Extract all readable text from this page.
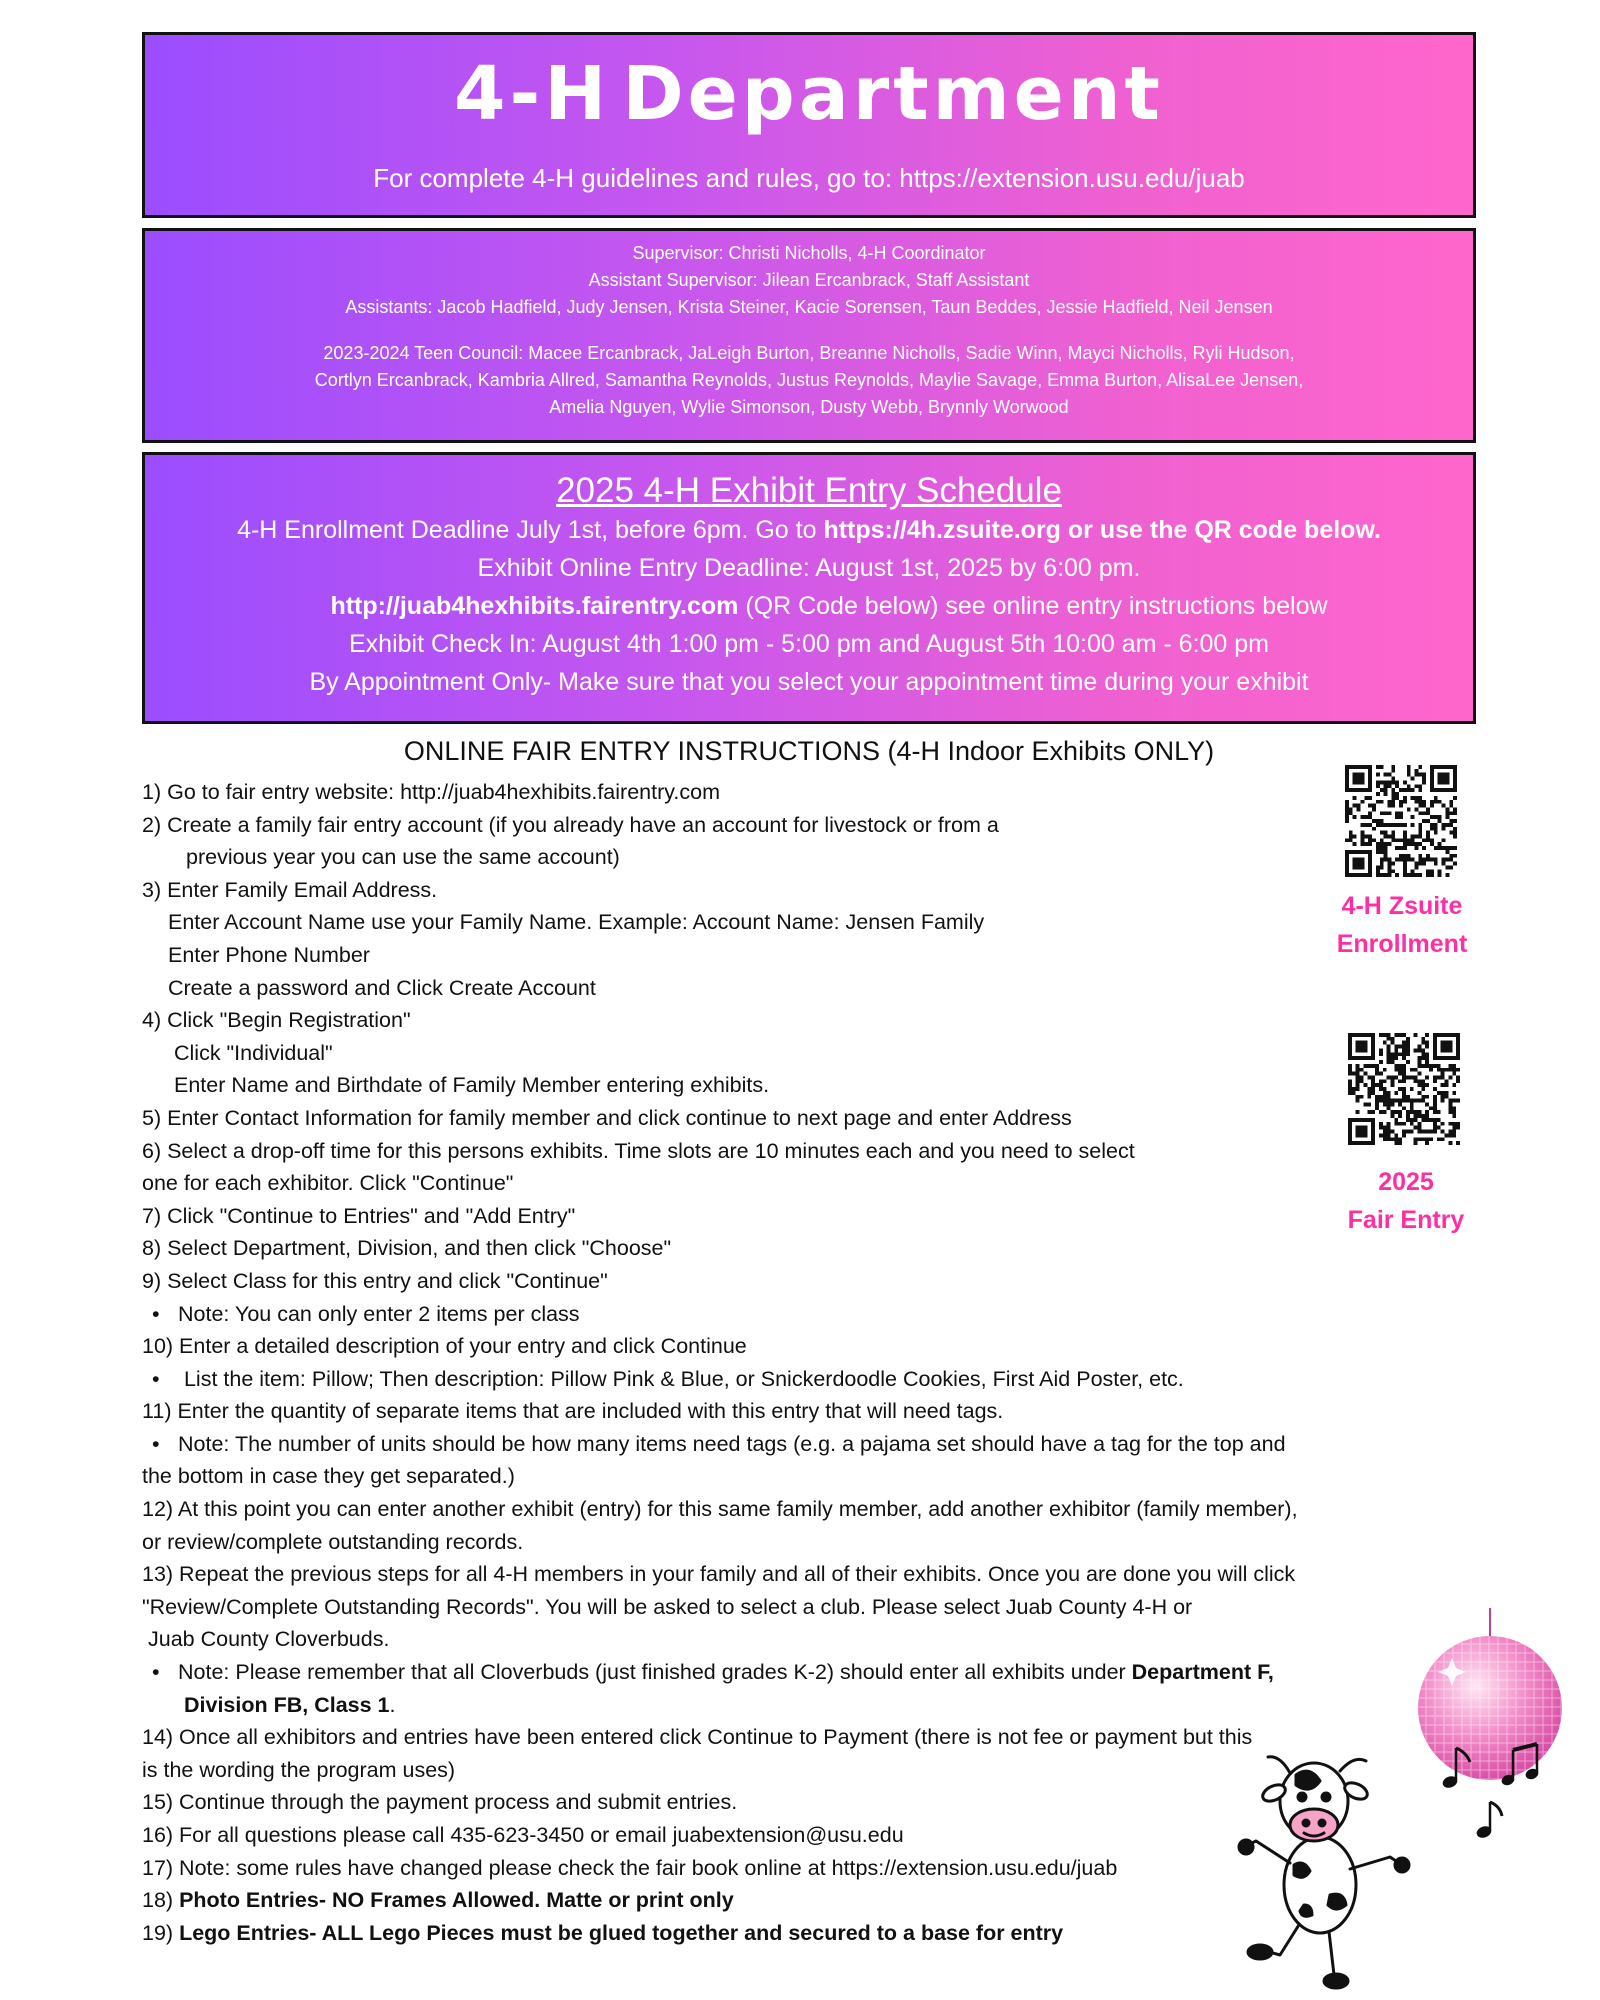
4-H Department
For complete 4-H guidelines and rules, go to: https://extension.usu.edu/juab
Supervisor: Christi Nicholls, 4-H Coordinator
Assistant Supervisor: Jilean Ercanbrack, Staff Assistant
Assistants: Jacob Hadfield, Judy Jensen, Krista Steiner, Kacie Sorensen, Taun Beddes, Jessie Hadfield, Neil Jensen
2023-2024 Teen Council: Macee Ercanbrack, JaLeigh Burton, Breanne Nicholls, Sadie Winn, Mayci Nicholls, Ryli Hudson,
Cortlyn Ercanbrack, Kambria Allred, Samantha Reynolds, Justus Reynolds, Maylie Savage, Emma Burton, AlisaLee Jensen,
Amelia Nguyen, Wylie Simonson, Dusty Webb, Brynnly Worwood
2025 4-H Exhibit Entry Schedule
4-H Enrollment Deadline July 1st, before 6pm. Go to https://4h.zsuite.org or use the QR code below.
Exhibit Online Entry Deadline: August 1st, 2025 by 6:00 pm.
http://juab4hexhibits.fairentry.com (QR Code below) see online entry instructions below
Exhibit Check In: August 4th 1:00 pm - 5:00 pm and August 5th 10:00 am - 6:00 pm
By Appointment Only- Make sure that you select your appointment time during your exhibit
ONLINE FAIR ENTRY INSTRUCTIONS (4-H Indoor Exhibits ONLY)
1) Go to fair entry website: http://juab4hexhibits.fairentry.com
2) Create a family fair entry account (if you already have an account for livestock or from a
previous year you can use the same account)
3) Enter Family Email Address.
Enter Account Name use your Family Name. Example: Account Name: Jensen Family
Enter Phone Number
Create a password and Click Create Account
4) Click "Begin Registration"
Click "Individual"
Enter Name and Birthdate of Family Member entering exhibits.
5) Enter Contact Information for family member and click continue to next page and enter Address
6) Select a drop-off time for this persons exhibits. Time slots are 10 minutes each and you need to select
one for each exhibitor. Click "Continue"
7) Click "Continue to Entries" and "Add Entry"
8) Select Department, Division, and then click "Choose"
9) Select Class for this entry and click "Continue"
• Note: You can only enter 2 items per class
10) Enter a detailed description of your entry and click Continue
• List the item: Pillow; Then description: Pillow Pink & Blue, or Snickerdoodle Cookies, First Aid Poster, etc.
11) Enter the quantity of separate items that are included with this entry that will need tags.
• Note: The number of units should be how many items need tags (e.g. a pajama set should have a tag for the top and
the bottom in case they get separated.)
12) At this point you can enter another exhibit (entry) for this same family member, add another exhibitor (family member),
or review/complete outstanding records.
13) Repeat the previous steps for all 4-H members in your family and all of their exhibits. Once you are done you will click
"Review/Complete Outstanding Records". You will be asked to select a club. Please select Juab County 4-H or
Juab County Cloverbuds.
• Note: Please remember that all Cloverbuds (just finished grades K-2) should enter all exhibits under Department F,
Division FB, Class 1.
14) Once all exhibitors and entries have been entered click Continue to Payment (there is not fee or payment but this
is the wording the program uses)
15) Continue through the payment process and submit entries.
16) For all questions please call 435-623-3450 or email juabextension@usu.edu
17) Note: some rules have changed please check the fair book online at https://extension.usu.edu/juab
18) Photo Entries- NO Frames Allowed. Matte or print only
19) Lego Entries- ALL Lego Pieces must be glued together and secured to a base for entry
4-H Zsuite
Enrollment
2025
Fair Entry
